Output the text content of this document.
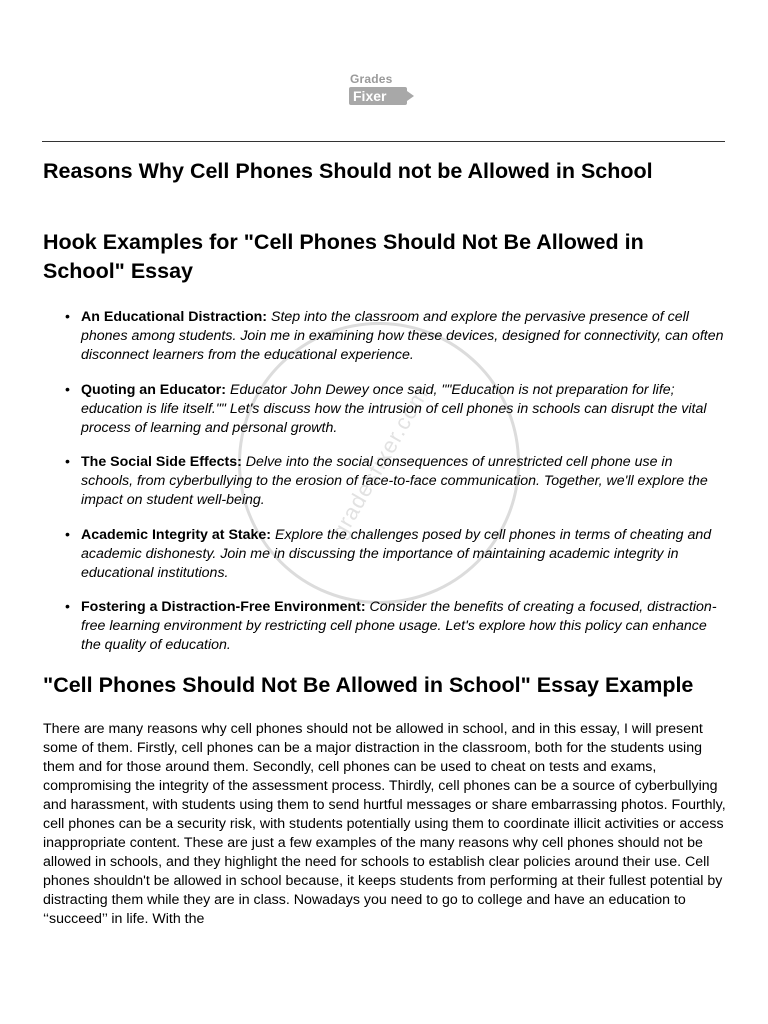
Grades
Fixer
gradesfixer.com
Reasons Why Cell Phones Should not be Allowed in School
Hook Examples for "Cell Phones Should Not Be Allowed in School" Essay
• An Educational Distraction: Step into the classroom and explore the pervasive presence of cell phones among students. Join me in examining how these devices, designed for connectivity, can often disconnect learners from the educational experience.
• Quoting an Educator: Educator John Dewey once said, ""Education is not preparation for life; education is life itself."" Let's discuss how the intrusion of cell phones in schools can disrupt the vital process of learning and personal growth.
• The Social Side Effects: Delve into the social consequences of unrestricted cell phone use in schools, from cyberbullying to the erosion of face-to-face communication. Together, we'll explore the impact on student well-being.
• Academic Integrity at Stake: Explore the challenges posed by cell phones in terms of cheating and academic dishonesty. Join me in discussing the importance of maintaining academic integrity in educational institutions.
• Fostering a Distraction-Free Environment: Consider the benefits of creating a focused, distraction-free learning environment by restricting cell phone usage. Let's explore how this policy can enhance the quality of education.
"Cell Phones Should Not Be Allowed in School" Essay Example

There are many reasons why cell phones should not be allowed in school, and in this essay, I will present some of them. Firstly, cell phones can be a major distraction in the classroom, both for the students using them and for those around them. Secondly, cell phones can be used to cheat on tests and exams, compromising the integrity of the assessment process. Thirdly, cell phones can be a source of cyberbullying and harassment, with students using them to send hurtful messages or share embarrassing photos. Fourthly, cell phones can be a security risk, with students potentially using them to coordinate illicit activities or access inappropriate content. These are just a few examples of the many reasons why cell phones should not be allowed in schools, and they highlight the need for schools to establish clear policies around their use. Cell phones shouldn't be allowed in school because, it keeps students from performing at their fullest potential by distracting them while they are in class. Nowadays you need to go to college and have an education to ‘‘succeed’’ in life. With the
